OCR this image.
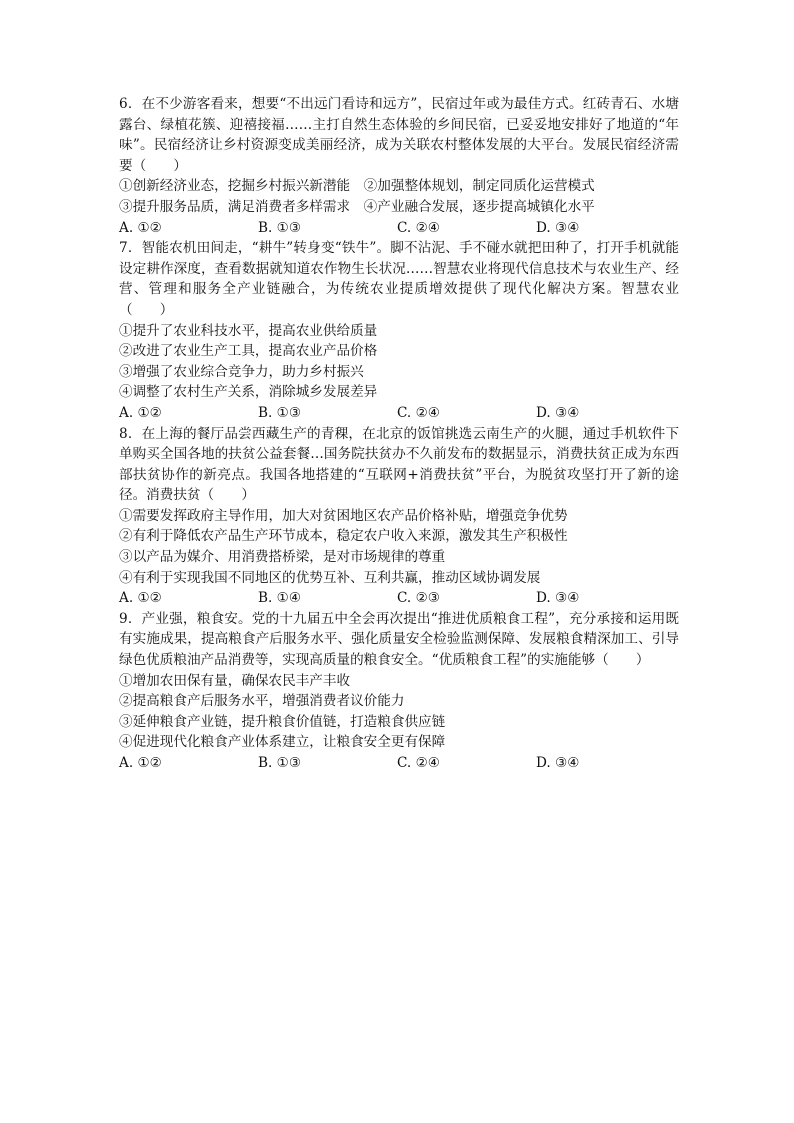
6．在不少游客看来，想要“不出远门看诗和远方”，民宿过年或为最佳方式。红砖青石、水塘露台、绿植花簇、迎禧接福……主打自然生态体验的乡间民宿，已妥妥地安排好了地道的“年味”。民宿经济让乡村资源变成美丽经济，成为关联农村整体发展的大平台。发展民宿经济需要（　　）

①创新经济业态，挖掘乡村振兴新潜能　②加强整体规划，制定同质化运营模式

③提升服务品质，满足消费者多样需求　④产业融合发展，逐步提高城镇化水平

A . ①②	B . ①③	C . ②④	D . ③④

7．智能农机田间走，“耕牛”转身变“铁牛”。脚不沾泥、手不碰水就把田种了，打开手机就能设定耕作深度，查看数据就知道农作物生长状况……智慧农业将现代信息技术与农业生产、经营、管理和服务全产业链融合，为传统农业提质增效提供了现代化解决方案。智慧农业（　　）

①提升了农业科技水平，提高农业供给质量

②改进了农业生产工具，提高农业产品价格

③增强了农业综合竞争力，助力乡村振兴

④调整了农村生产关系，消除城乡发展差异

A . ①②	B . ①③	C . ②④	D . ③④

8．在上海的餐厅品尝西藏生产的青稞，在北京的饭馆挑选云南生产的火腿，通过手机软件下单购买全国各地的扶贫公益套餐…国务院扶贫办不久前发布的数据显示，消费扶贫正成为东西部扶贫协作的新亮点。我国各地搭建的“互联网+消费扶贫”平台，为脱贫攻坚打开了新的途径。消费扶贫（　　）

①需要发挥政府主导作用，加大对贫困地区农产品价格补贴，增强竞争优势

②有利于降低农产品生产环节成本，稳定农户收入来源，激发其生产积极性

③以产品为媒介、用消费搭桥梁，是对市场规律的尊重

④有利于实现我国不同地区的优势互补、互利共赢，推动区域协调发展

A . ①②	B . ①④	C . ②③	D . ③④

9．产业强，粮食安。党的十九届五中全会再次提出“推进优质粮食工程”，充分承接和运用既有实施成果，提高粮食产后服务水平、强化质量安全检验监测保障、发展粮食精深加工、引导绿色优质粮油产品消费等，实现高质量的粮食安全。“优质粮食工程”的实施能够（　　）

①增加农田保有量，确保农民丰产丰收

②提高粮食产后服务水平，增强消费者议价能力

③延伸粮食产业链，提升粮食价值链，打造粮食供应链

④促进现代化粮食产业体系建立，让粮食安全更有保障

A . ①②	B . ①③	C . ②④	D . ③④
